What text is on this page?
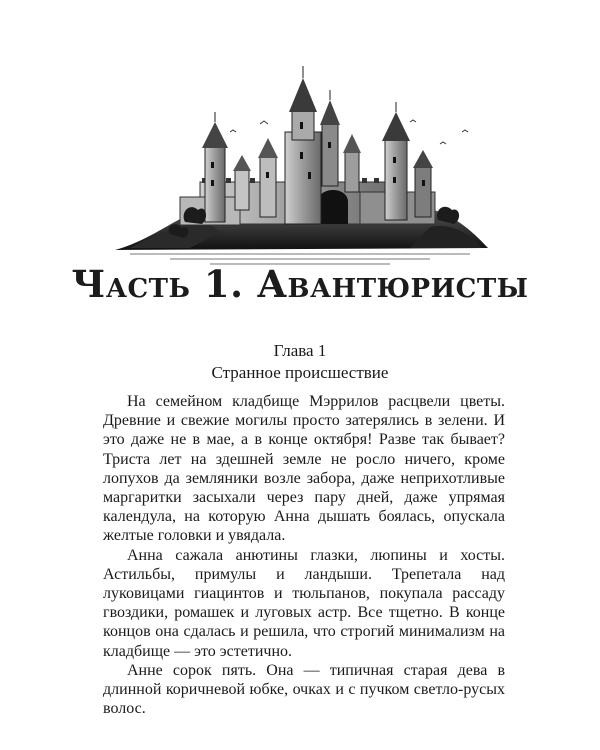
Часть 1. Авантюристы
Глава 1
Странное происшествие

На семейном кладбище Мэррилов расцвели цветы. Древние и свежие могилы просто затерялись в зелени. И это даже не в мае, а в конце октября! Разве так бывает? Триста лет на здешней земле не росло ничего, кроме лопухов да земляники возле забора, даже неприхотливые маргаритки засыхали через пару дней, даже упрямая календула, на которую Анна дышать боялась, опускала желтые головки и увядала.

Анна сажала анютины глазки, люпины и хосты. Астильбы, примулы и ландыши. Трепетала над луковицами гиацинтов и тюльпанов, покупала рассаду гвоздики, ромашек и луговых астр. Все тщетно. В конце концов она сдалась и решила, что строгий минимализм на кладбище — это эстетично.

Анне сорок пять. Она — типичная старая дева в длинной коричневой юбке, очках и с пучком светло-русых волос.
